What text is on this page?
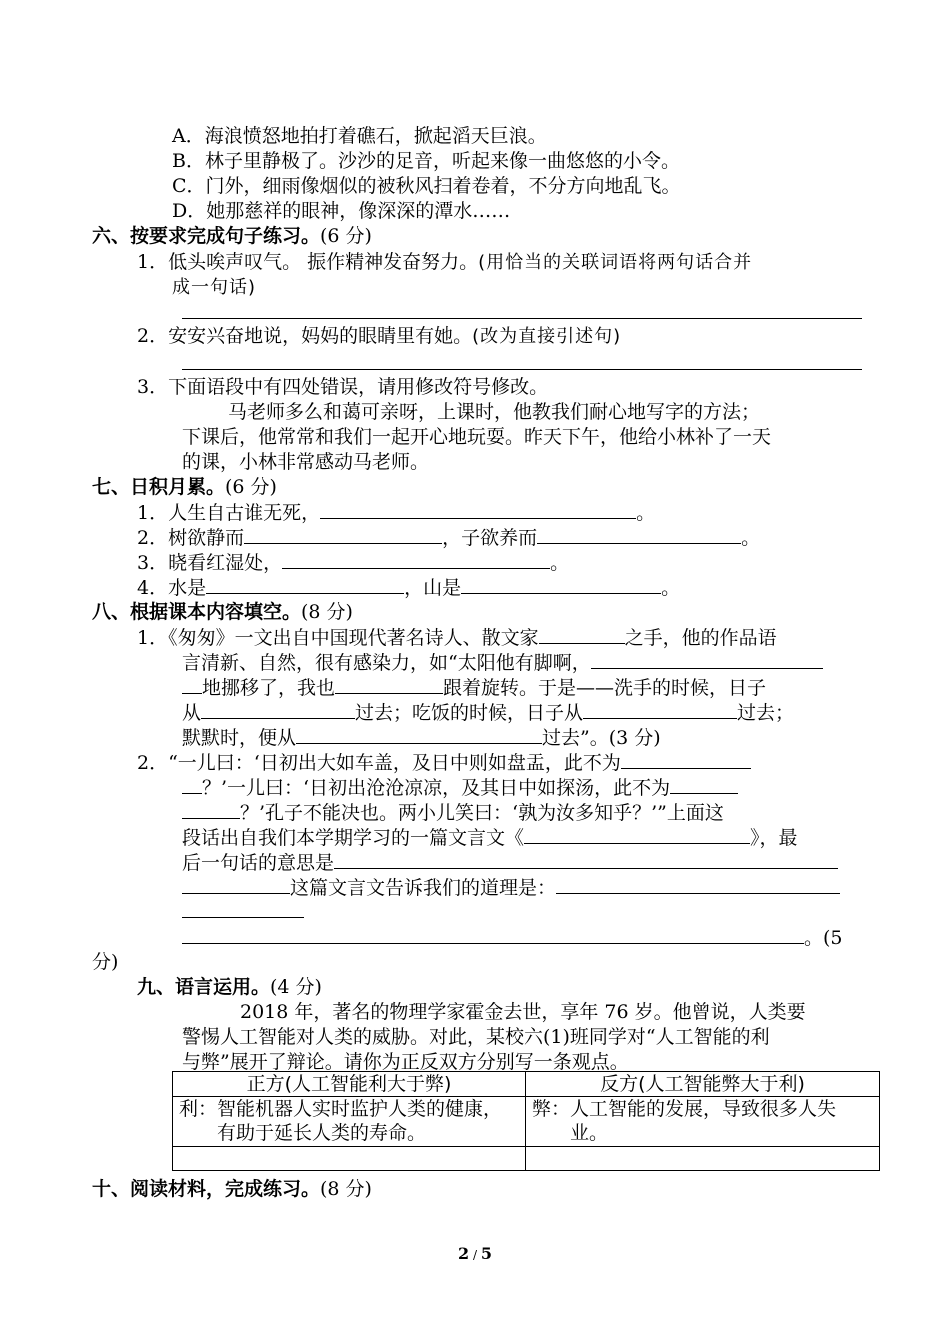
A．海浪愤怒地拍打着礁石，掀起滔天巨浪。
B．林子里静极了。沙沙的足音，听起来像一曲悠悠的小令。
C．门外，细雨像烟似的被秋风扫着卷着，不分方向地乱飞。
D．她那慈祥的眼神，像深深的潭水……
六、按要求完成句子练习。(6 分)
1．低头唉声叹气。 振作精神发奋努力。(用恰当的关联词语将两句话合并
成一句话)
2．安安兴奋地说，妈妈的眼睛里有她。(改为直接引述句)
3．下面语段中有四处错误，请用修改符号修改。
马老师多么和蔼可亲呀，上课时，他教我们耐心地写字的方法；
下课后，他常常和我们一起开心地玩耍。昨天下午，他给小林补了一天
的课，小林非常感动马老师。
七、日积月累。(6 分)
1．人生自古谁无死，	。
2．树欲静而	，子欲养而	。
3．晓看红湿处，	。
4．水是	，山是	。
八、根据课本内容填空。(8 分)
1．《匆匆》一文出自中国现代著名诗人、散文家	之手，他的作品语
言清新、自然，很有感染力，如“太阳他有脚啊，
地挪移了，我也	跟着旋转。于是——洗手的时候，日子
从	过去；吃饭的时候，日子从	过去；
默默时，便从	过去”。(3 分)
2．“一儿曰：‘日初出大如车盖，及日中则如盘盂，此不为
？’一儿曰：‘日初出沧沧凉凉，及其日中如探汤，此不为
？’孔子不能决也。两小儿笑曰：‘孰为汝多知乎？’”上面这
段话出自我们本学期学习的一篇文言文《	》，最
后一句话的意思是
这篇文言文告诉我们的道理是：
。(5
分)
九、语言运用。(4 分)
2018 年，著名的物理学家霍金去世，享年 76 岁。他曾说，人类要
警惕人工智能对人类的威胁。对此，某校六(1)班同学对“人工智能的利
与弊”展开了辩论。请你为正反双方分别写一条观点。
正方(人工智能利大于弊)	反方(人工智能弊大于利)

利： 智能机器人实时监护人类的健康，有助于延长人类的寿命。	弊： 人工智能的发展，导致很多人失业。

十、阅读材料，完成练习。(8 分)
2 / 5
